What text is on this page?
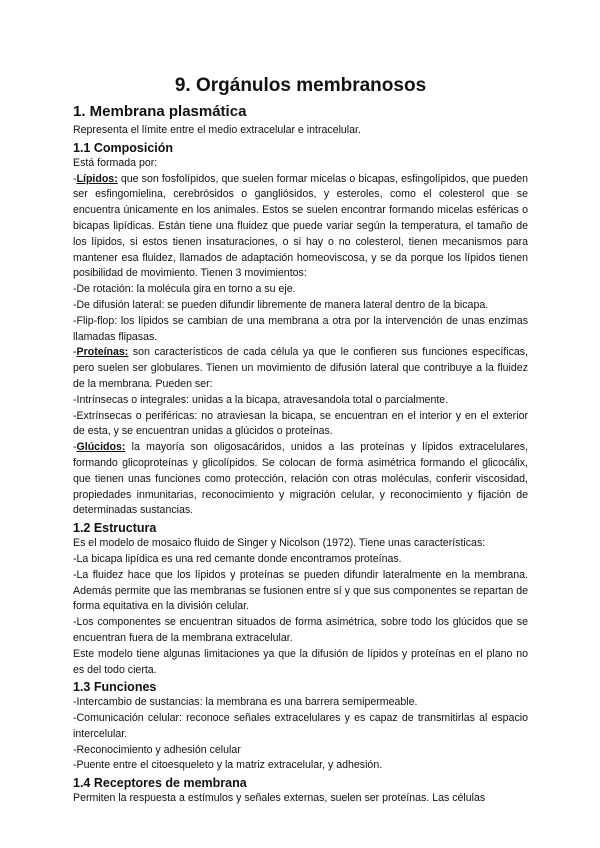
9. Orgánulos membranosos
1. Membrana plasmática

Representa el límite entre el medio extracelular e intracelular.

1.1 Composición

Está formada por:

-Lípidos: que son fosfolípidos, que suelen formar micelas o bicapas, esfingolípidos, que pueden ser esfingomielina, cerebrósidos o gangliósidos, y esteroles, como el colesterol que se encuentra únicamente en los animales. Estos se suelen encontrar formando micelas esféricas o bicapas lipídicas. Están tiene una fluidez que puede variar según la temperatura, el tamaño de los lípidos, si estos tienen insaturaciones, o si hay o no colesterol, tienen mecanismos para mantener esa fluidez, llamados de adaptación homeoviscosa, y se da porque los lípidos tienen posibilidad de movimiento. Tienen 3 movimientos:

-De rotación: la molécula gira en torno a su eje.

-De difusión lateral: se pueden difundir libremente de manera lateral dentro de la bicapa.

-Flip-flop: los lípidos se cambian de una membrana a otra por la intervención de unas enzimas llamadas flipasas.

-Proteínas: son característicos de cada célula ya que le confieren sus funciones específicas, pero suelen ser globulares. Tienen un movimiento de difusión lateral que contribuye a la fluidez de la membrana. Pueden ser:

-Intrínsecas o integrales: unidas a la bicapa, atravesandola total o parcialmente.

-Extrínsecas o periféricas: no atraviesan la bicapa, se encuentran en el interior y en el exterior de esta, y se encuentran unidas a glúcidos o proteínas.

-Glúcidos: la mayoría son oligosacáridos, unidos a las proteínas y lípidos extracelulares, formando glicoproteínas y glicolípidos. Se colocan de forma asimétrica formando el glicocálix, que tienen unas funciones como protección, relación con otras moléculas, conferir viscosidad, propiedades inmunitarias, reconocimiento y migración celular, y reconocimiento y fijación de determinadas sustancias.

1.2 Estructura

Es el modelo de mosaico fluido de Singer y Nicolson (1972). Tiene unas características:

-La bicapa lipídica es una red cemante donde encontramos proteínas.

-La fluidez hace que los lípidos y proteínas se pueden difundir lateralmente en la membrana. Además permite que las membranas se fusionen entre sí y que sus componentes se repartan de forma equitativa en la división celular.

-Los componentes se encuentran situados de forma asimétrica, sobre todo los glúcidos que se encuentran fuera de la membrana extracelular.

Este modelo tiene algunas limitaciones ya que la difusión de lípidos y proteínas en el plano no es del todo cierta.

1.3 Funciones

-Intercambio de sustancias: la membrana es una barrera semipermeable.

-Comunicación celular: reconoce señales extracelulares y es capaz de transmitirlas al espacio intercelular.

-Reconocimiento y adhesión celular

-Puente entre el citoesqueleto y la matriz extracelular, y adhesión.

1.4 Receptores de membrana

Permiten la respuesta a estímulos y señales externas, suelen ser proteínas. Las células
